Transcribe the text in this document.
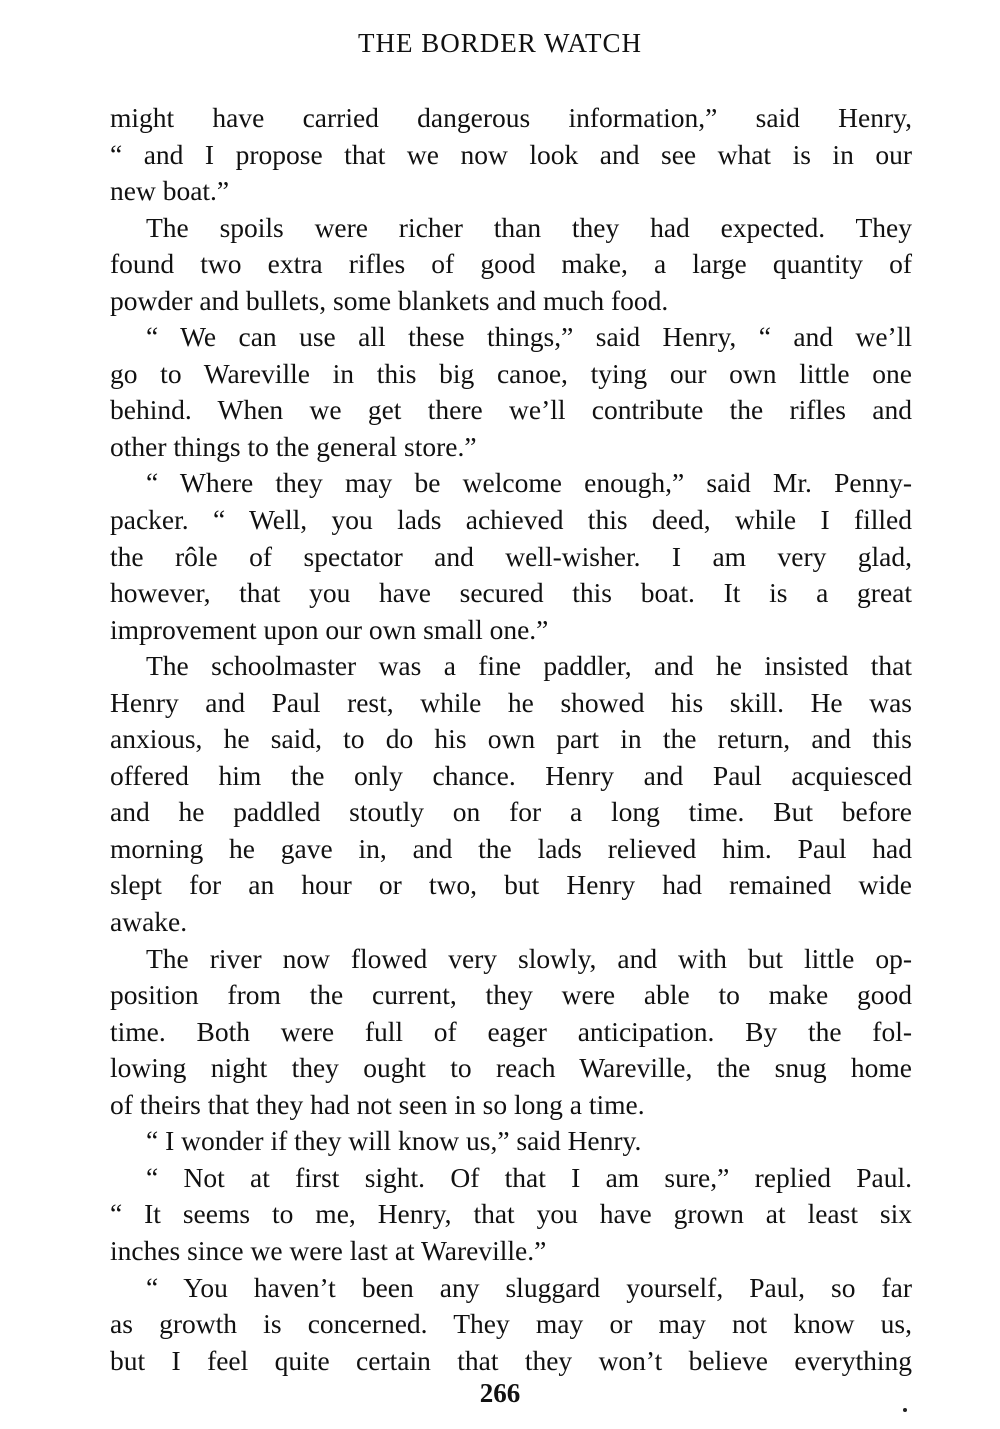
THE BORDER WATCH
might have carried dangerous information,” said Henry,
“ and I propose that we now look and see what is in our
new boat.”
The spoils were richer than they had expected. They
found two extra rifles of good make, a large quantity of
powder and bullets, some blankets and much food.
“ We can use all these things,” said Henry, “ and we’ll
go to Wareville in this big canoe, tying our own little one
behind. When we get there we’ll contribute the rifles and
other things to the general store.”
“ Where they may be welcome enough,” said Mr. Penny-
packer. “ Well, you lads achieved this deed, while I filled
the rôle of spectator and well-wisher. I am very glad,
however, that you have secured this boat. It is a great
improvement upon our own small one.”
The schoolmaster was a fine paddler, and he insisted that
Henry and Paul rest, while he showed his skill. He was
anxious, he said, to do his own part in the return, and this
offered him the only chance. Henry and Paul acquiesced
and he paddled stoutly on for a long time. But before
morning he gave in, and the lads relieved him. Paul had
slept for an hour or two, but Henry had remained wide
awake.
The river now flowed very slowly, and with but little op-
position from the current, they were able to make good
time. Both were full of eager anticipation. By the fol-
lowing night they ought to reach Wareville, the snug home
of theirs that they had not seen in so long a time.
“ I wonder if they will know us,” said Henry.
“ Not at first sight. Of that I am sure,” replied Paul.
“ It seems to me, Henry, that you have grown at least six
inches since we were last at Wareville.”
“ You haven’t been any sluggard yourself, Paul, so far
as growth is concerned. They may or may not know us,
but I feel quite certain that they won’t believe everything
266
